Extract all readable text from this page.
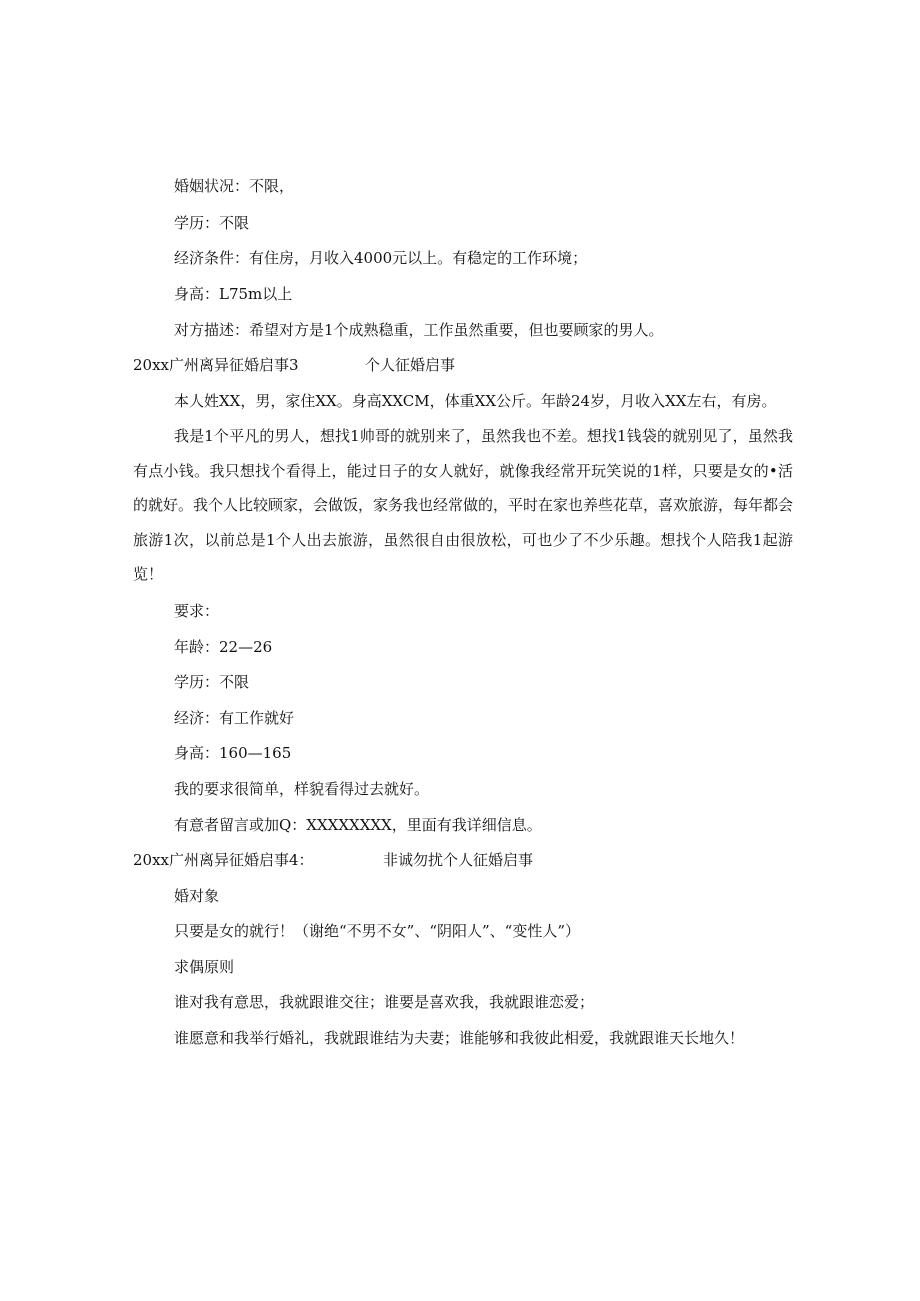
婚姻状况：不限，
学历：不限
经济条件：有住房，月收入4000元以上。有稳定的工作环境；
身高：L75m以上
对方描述：希望对方是1个成熟稳重，工作虽然重要，但也要顾家的男人。
20xx广州离异征婚启事3	个人征婚启事
本人姓XX，男，家住XX。身高XXCM，体重XX公斤。年龄24岁，月收入XX左右，有房。
我是1个平凡的男人，想找1帅哥的就别来了，虽然我也不差。想找1钱袋的就别见了，虽然我有点小钱。我只想找个看得上，能过日子的女人就好，就像我经常开玩笑说的1样，只要是女的•活的就好。我个人比较顾家，会做饭，家务我也经常做的，平时在家也养些花草，喜欢旅游，每年都会旅游1次，以前总是1个人出去旅游，虽然很自由很放松，可也少了不少乐趣。想找个人陪我1起游览！
要求：
年龄：22—26
学历：不限
经济：有工作就好
身高：160—165
我的要求很简单，样貌看得过去就好。
有意者留言或加Q：XXXXXXXX，里面有我详细信息。
20xx广州离异征婚启事4：	非诚勿扰个人征婚启事
婚对象
只要是女的就行！（谢绝“不男不女”、“阴阳人”、“变性人”）
求偶原则
谁对我有意思，我就跟谁交往；谁要是喜欢我，我就跟谁恋爱；
谁愿意和我举行婚礼，我就跟谁结为夫妻；谁能够和我彼此相爱，我就跟谁天长地久！
